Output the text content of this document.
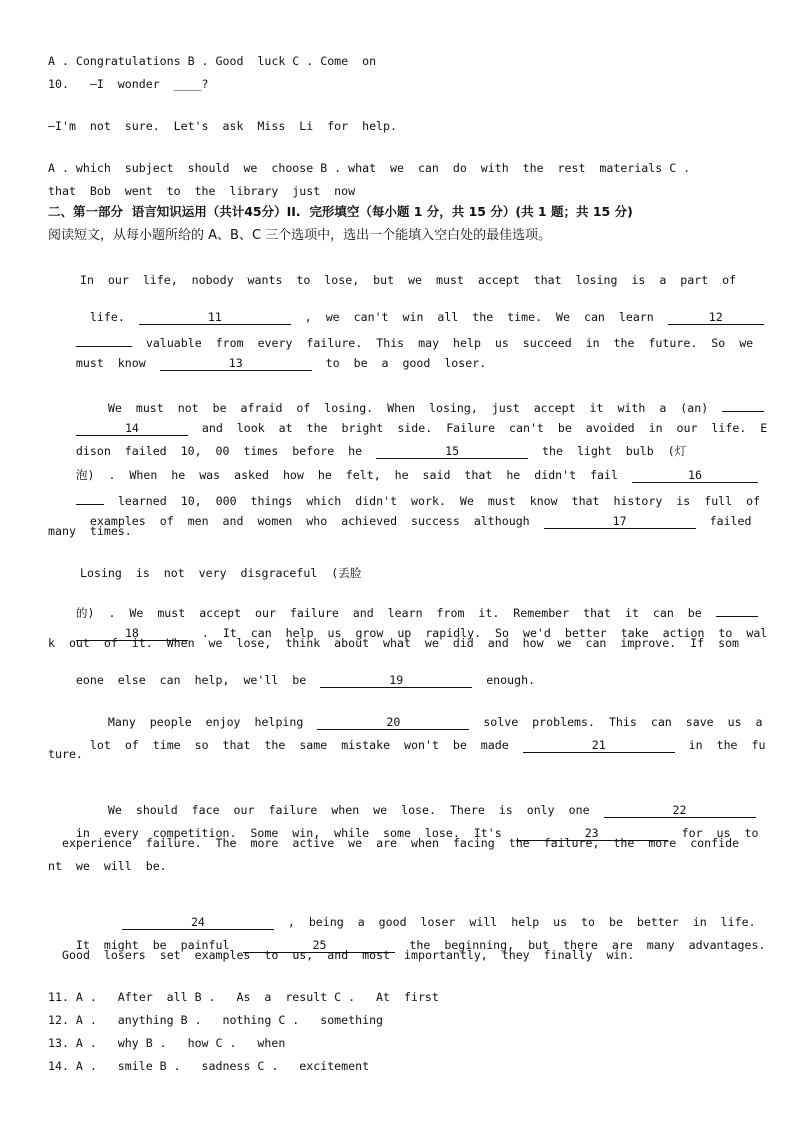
A . Congratulations B . Good  luck C . Come  on
10.   —I  wonder  ____?
—I'm  not  sure.  Let's  ask  Miss  Li  for  help.
A . which  subject  should  we  choose B . what  we  can  do  with  the  rest  materials C .
that  Bob  went  to  the  library  just  now
二、第一部分  语言知识运用（共计45分）II.  完形填空（每小题 1 分，共 15 分）(共 1 题；共 15 分)
阅读短文，从每小题所给的 A、B、C 三个选项中，选出一个能填入空白处的最佳选项。
In  our  life,  nobody  wants  to  lose,  but  we  must  accept  that  losing  is  a  part  of

life.	11	,  we  can't  win  all  the  time.  We  can  learn	12

valuable  from  every  failure.  This  may  help  us  succeed  in  the  future.  So  we

must  know	13	to  be  a  good  loser.

We  must  not  be  afraid  of  losing.  When  losing,  just  accept  it  with  a  (an)

14	and  look  at  the  bright  side.  Failure  can't  be  avoided  in  our  life.  E

dison  failed  10,  00  times  before  he	15	the  light  bulb  (灯

泡)  .  When  he  was  asked  how  he  felt,  he  said  that  he  didn't  fail	16

learned  10,  000  things  which  didn't  work.  We  must  know  that  history  is  full  of

examples  of  men  and  women  who  achieved  success  although	17	failed

many  times.
Losing  is  not  very  disgraceful  (丢脸

的)  .  We  must  accept  our  failure  and  learn  from  it.  Remember  that  it  can  be

18	.  It  can  help  us  grow  up  rapidly.  So  we'd  better  take  action  to  wal

k  out  of  it.  When  we  lose,  think  about  what  we  did  and  how  we  can  improve.  If  som

eone  else  can  help,  we'll  be	19	enough.

Many  people  enjoy  helping	20	solve  problems.  This  can  save  us  a

lot  of  time  so  that  the  same  mistake  won't  be  made	21	in  the  fu

ture.

We  should  face  our  failure  when  we  lose.  There  is  only  one	22

in  every  competition.  Some  win,  while  some  lose.  It's	23	for  us  to

experience  failure.  The  more  active  we  are  when  facing  the  failure,  the  more  confide
nt  we  will  be.

24	,  being  a  good  loser  will  help  us  to  be  better  in  life.

It  might  be  painful	25	the  beginning,  but  there  are  many  advantages.

Good  losers  set  examples  to  us,  and  most  importantly,  they  finally  win.
11. A .   After  all B .   As  a  result C .   At  first
12. A .   anything B .   nothing C .   something
13. A .   why B .   how C .   when
14. A .   smile B .   sadness C .   excitement
